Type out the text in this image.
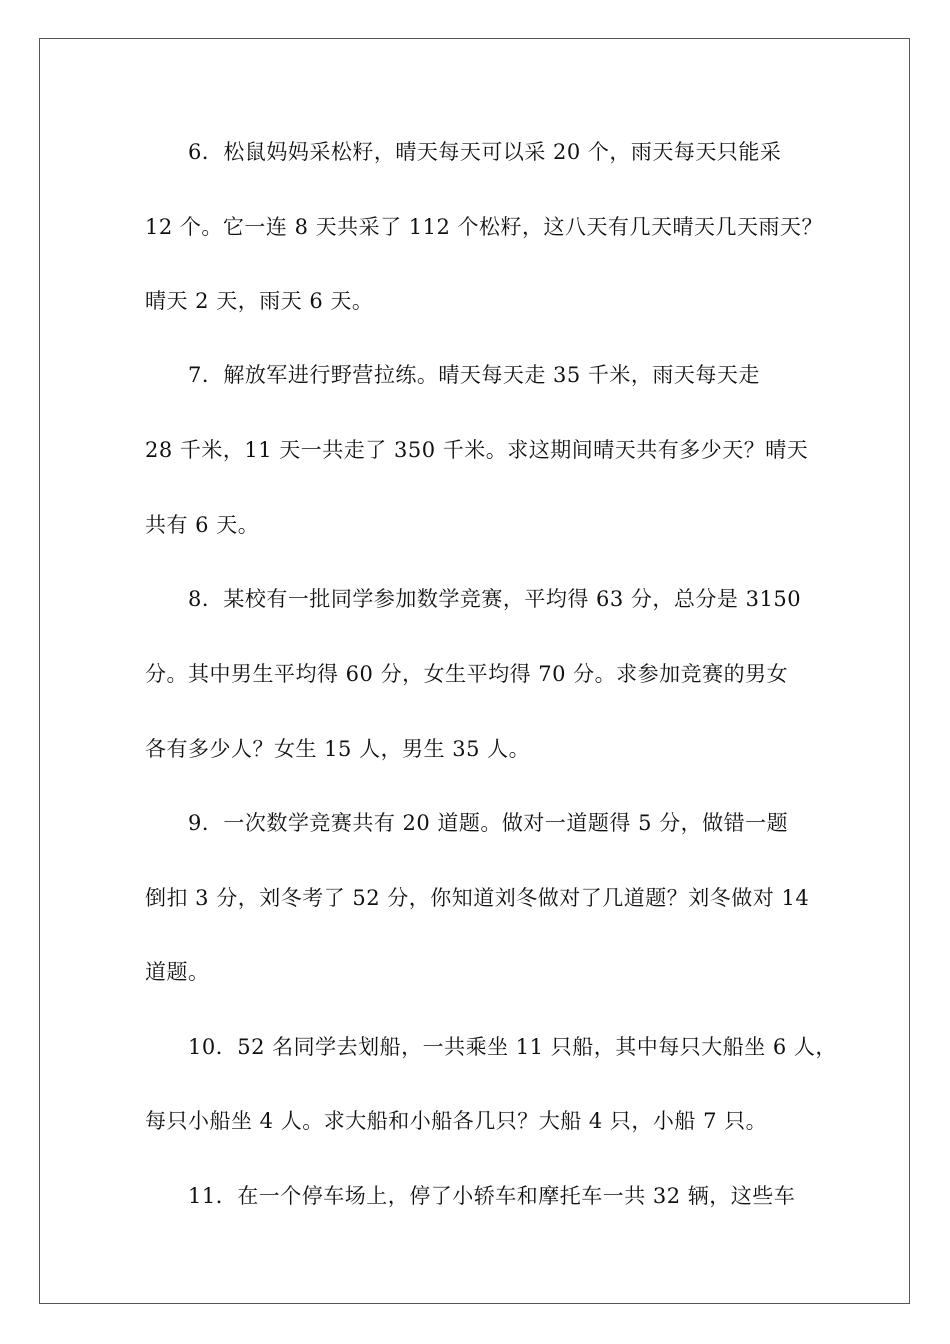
6．松鼠妈妈采松籽，晴天每天可以采 20 个，雨天每天只能采
12 个。它一连 8 天共采了 112 个松籽，这八天有几天晴天几天雨天？
晴天 2 天，雨天 6 天。
7．解放军进行野营拉练。晴天每天走 35 千米，雨天每天走
28 千米，11 天一共走了 350 千米。求这期间晴天共有多少天？晴天
共有 6 天。
8．某校有一批同学参加数学竞赛，平均得 63 分，总分是 3150
分。其中男生平均得 60 分，女生平均得 70 分。求参加竞赛的男女
各有多少人？女生 15 人，男生 35 人。
9．一次数学竞赛共有 20 道题。做对一道题得 5 分，做错一题
倒扣 3 分，刘冬考了 52 分，你知道刘冬做对了几道题？刘冬做对 14
道题。
10．52 名同学去划船，一共乘坐 11 只船，其中每只大船坐 6 人，
每只小船坐 4 人。求大船和小船各几只？大船 4 只，小船 7 只。
11．在一个停车场上，停了小轿车和摩托车一共 32 辆，这些车
